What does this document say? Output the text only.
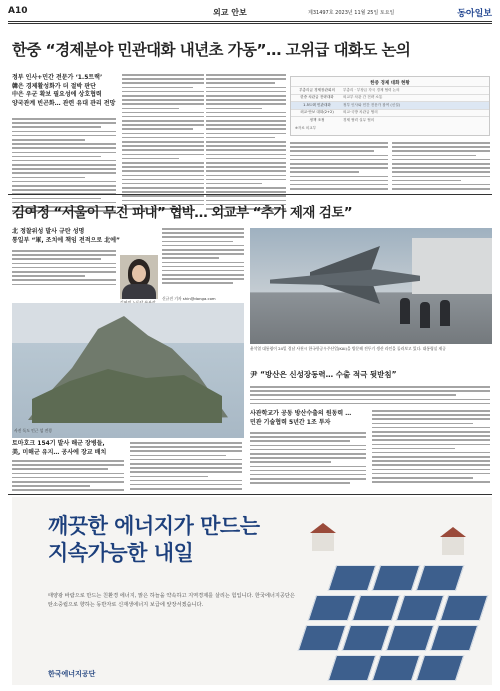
A10	외교 안보	제31497호 2023년 11월 25일 토요일	동아일보
한중 “경제분야 민관대화 내년초 가동”… 고위급 대화도 논의
정부 인사+민간 전문가 ‘1.5트랙’
韓은 경제활성화가 더 절박 판단
中은 우군 확보 필요성에 상호협력
양국관계 빈곤화… 관련 유대 관리 전망
한중 경제 대화 현황
부총리급 경제장관회의	부총리 · 부장급 각국 경제 협력 논의
한중 차관급 전략대화	외교부 차관 간 전략 소통
1.5트랙 민관대화	정부 인사와 민간 전문가 참여 (신설)
외교·안보 대화(2+2)	외교·국방 차관급 협의
정책 조정	경제 협력 실무 협의
※자료 외교부
김여정 “서울이 무진 파내” 협박… 외교부 “추가 제재 검토”
北 정찰위성 발사 규탄 성명
통일부 “軍, 조치에 책임 전적으로 北에”
신규진 기자 shin@donga.com
윤석열 대통령이 24일 경남 사천시 한국항공우주산업(KAI)을 방문해 전투기 생산 라인을 둘러보고 있다. 대통령실 제공
尹 “방산은 신성장동력… 수출 적극 뒷받침”
사진 독도 인근 섬 전경
토마호크 154기 발사 해군 장병들,
美, 미해군 유지… 공사에 장교 배치
사관학교가 공동 방산수출의 원동력 …
민관 기술협력 5년간 1조 투자
깨끗한 에너지가 만드는
지속가능한 내일
태양광 바람으로 만드는 친환경 에너지, 맑은 하늘을 약속하고 지역경제를 살리는 힘입니다. 한국에너지공단은 탄소중립으로 향하는 동반자로 신재생에너지 보급에 앞장서겠습니다.
한국에너지공단
